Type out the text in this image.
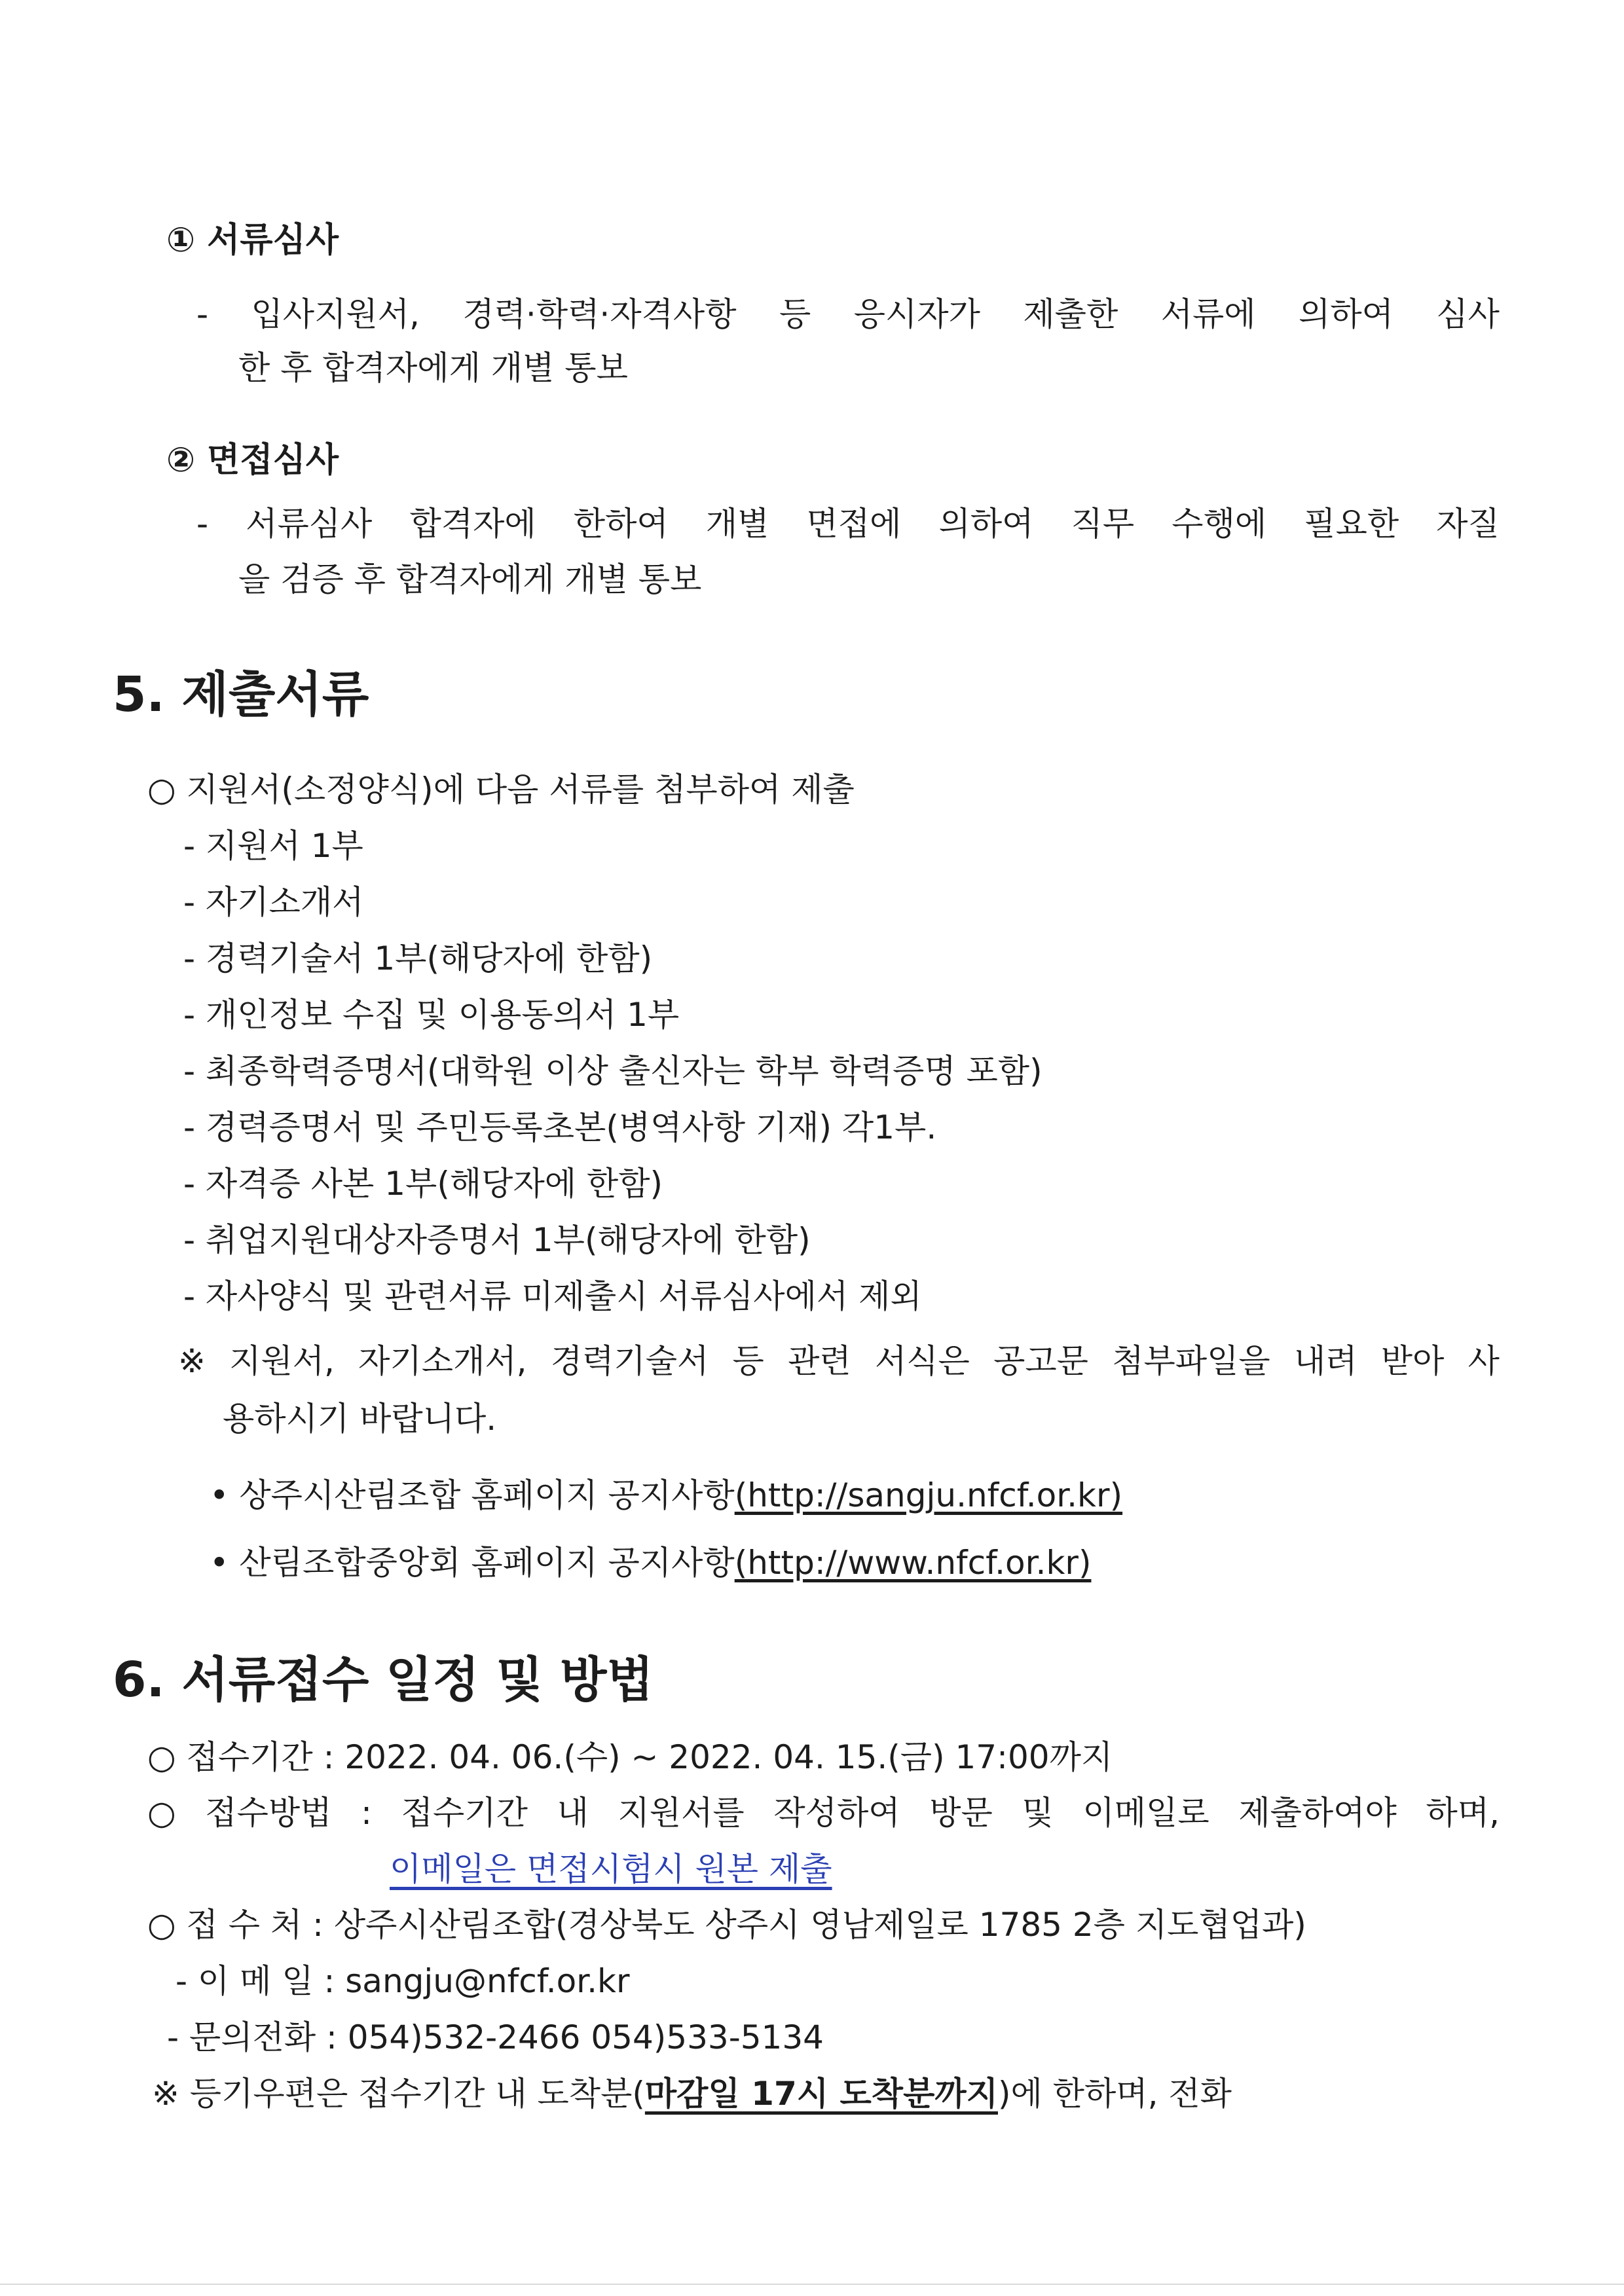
① 서류심사
- 입사지원서, 경력·학력·자격사항 등 응시자가 제출한 서류에 의하여 심사
한 후 합격자에게 개별 통보
② 면접심사
- 서류심사 합격자에 한하여 개별 면접에 의하여 직무 수행에 필요한 자질
을 검증 후 합격자에게 개별 통보
5. 제출서류
○ 지원서(소정양식)에 다음 서류를 첨부하여 제출
- 지원서 1부
- 자기소개서
- 경력기술서 1부(해당자에 한함)
- 개인정보 수집 및 이용동의서 1부
- 최종학력증명서(대학원 이상 출신자는 학부 학력증명 포함)
- 경력증명서 및 주민등록초본(병역사항 기재) 각1부.
- 자격증 사본 1부(해당자에 한함)
- 취업지원대상자증명서 1부(해당자에 한함)
- 자사양식 및 관련서류 미제출시 서류심사에서 제외
※ 지원서, 자기소개서, 경력기술서 등 관련 서식은 공고문 첨부파일을 내려 받아 사
용하시기 바랍니다.
• 상주시산림조합 홈페이지 공지사항(http://sangju.nfcf.or.kr)
• 산림조합중앙회 홈페이지 공지사항(http://www.nfcf.or.kr)
6. 서류접수 일정 및 방법
○ 접수기간 : 2022. 04. 06.(수) ~ 2022. 04. 15.(금) 17:00까지
○ 접수방법 : 접수기간 내 지원서를 작성하여 방문 및 이메일로 제출하여야 하며,
이메일은 면접시험시 원본 제출
○ 접 수 처 : 상주시산림조합(경상북도 상주시 영남제일로 1785 2층 지도협업과)
- 이 메 일 : sangju@nfcf.or.kr
- 문의전화 : 054)532-2466 054)533-5134
※ 등기우편은 접수기간 내 도착분(마감일 17시 도착분까지)에 한하며, 전화
